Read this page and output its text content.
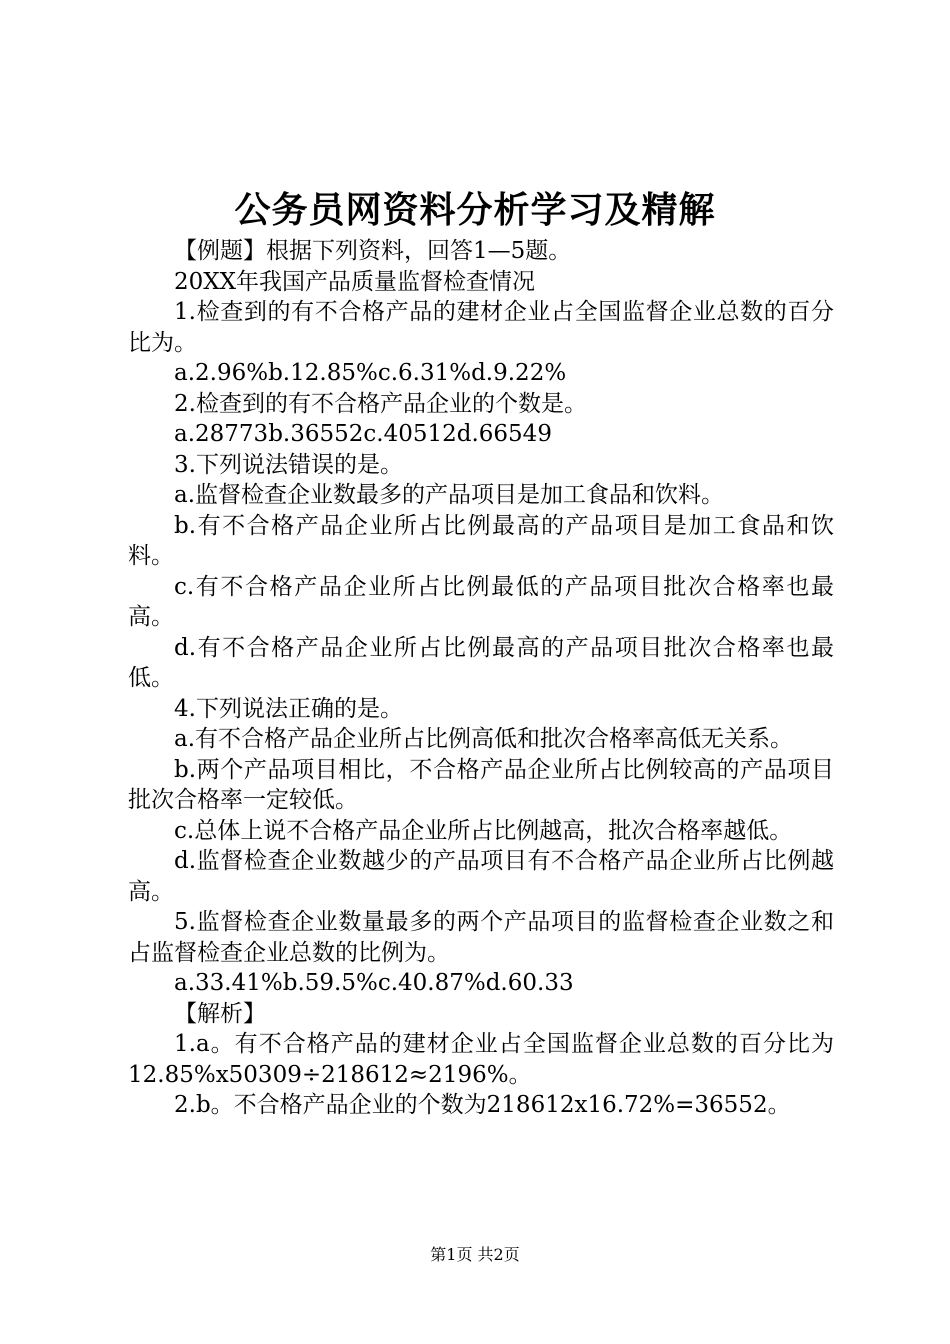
公务员网资料分析学习及精解

【例题】根据下列资料，回答1—5题。

20XX年我国产品质量监督检查情况

1.检查到的有不合格产品的建材企业占全国监督企业总数的百分比为。

a.2.96%b.12.85%c.6.31%d.9.22%

2.检查到的有不合格产品企业的个数是。

a.28773b.36552c.40512d.66549

3.下列说法错误的是。

a.监督检查企业数最多的产品项目是加工食品和饮料。

b.有不合格产品企业所占比例最高的产品项目是加工食品和饮料。

c.有不合格产品企业所占比例最低的产品项目批次合格率也最高。

d.有不合格产品企业所占比例最高的产品项目批次合格率也最低。

4.下列说法正确的是。

a.有不合格产品企业所占比例高低和批次合格率高低无关系。

b.两个产品项目相比，不合格产品企业所占比例较高的产品项目批次合格率一定较低。

c.总体上说不合格产品企业所占比例越高，批次合格率越低。

d.监督检查企业数越少的产品项目有不合格产品企业所占比例越高。

5.监督检查企业数量最多的两个产品项目的监督检查企业数之和占监督检查企业总数的比例为。

a.33.41%b.59.5%c.40.87%d.60.33

【解析】

1.a。有不合格产品的建材企业占全国监督企业总数的百分比为12.85%x50309÷218612≈2196%。

2.b。不合格产品企业的个数为218612x16.72%=36552。

第1页 共2页
